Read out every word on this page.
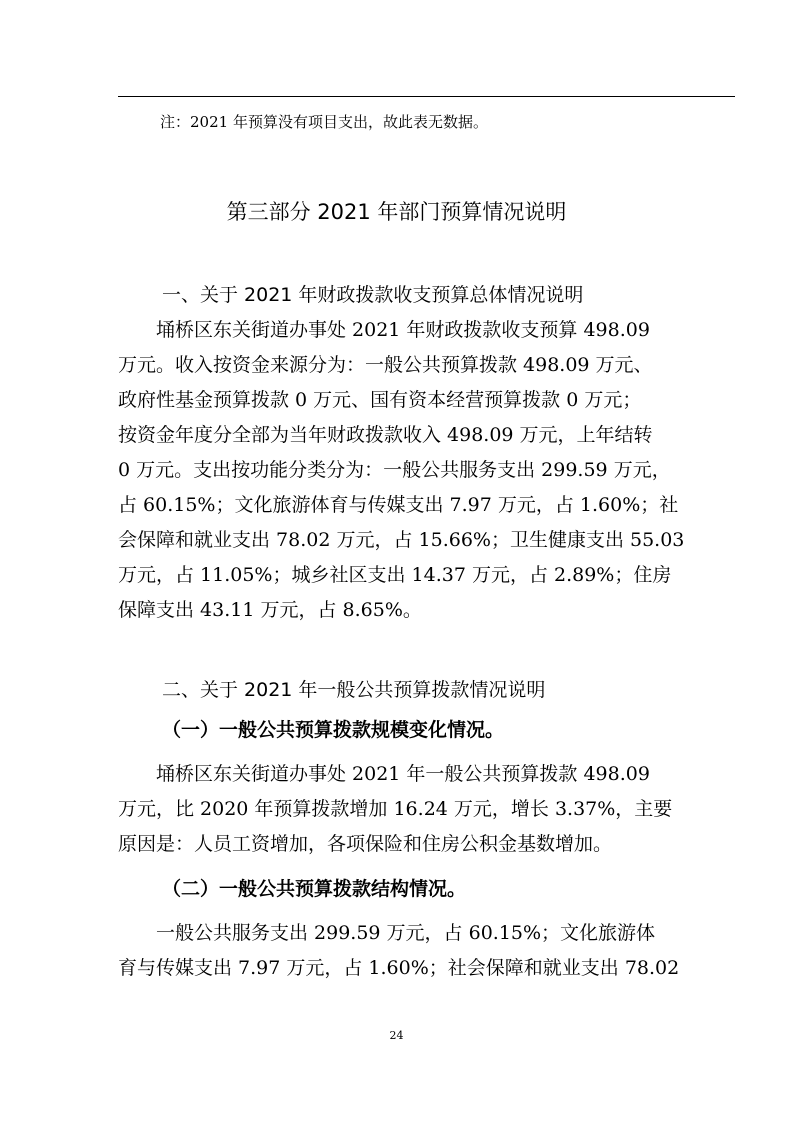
注：2021 年预算没有项目支出，故此表无数据。
第三部分 2021 年部门预算情况说明
一、关于 2021 年财政拨款收支预算总体情况说明
埇桥区东关街道办事处 2021 年财政拨款收支预算 498.09
万元。收入按资金来源分为：一般公共预算拨款 498.09 万元、
政府性基金预算拨款 0 万元、国有资本经营预算拨款 0 万元；
按资金年度分全部为当年财政拨款收入 498.09 万元，上年结转
0 万元。支出按功能分类分为：一般公共服务支出 299.59 万元，
占 60.15%；文化旅游体育与传媒支出 7.97 万元，占 1.60%；社
会保障和就业支出 78.02 万元，占 15.66%；卫生健康支出 55.03
万元，占 11.05%；城乡社区支出 14.37 万元，占 2.89%；住房
保障支出 43.11 万元，占 8.65%。
二、关于 2021 年一般公共预算拨款情况说明
（一）一般公共预算拨款规模变化情况。
埇桥区东关街道办事处 2021 年一般公共预算拨款 498.09
万元，比 2020 年预算拨款增加 16.24 万元，增长 3.37%，主要
原因是：人员工资增加，各项保险和住房公积金基数增加。
（二）一般公共预算拨款结构情况。
一般公共服务支出 299.59 万元，占 60.15%；文化旅游体
育与传媒支出 7.97 万元，占 1.60%；社会保障和就业支出 78.02
24
